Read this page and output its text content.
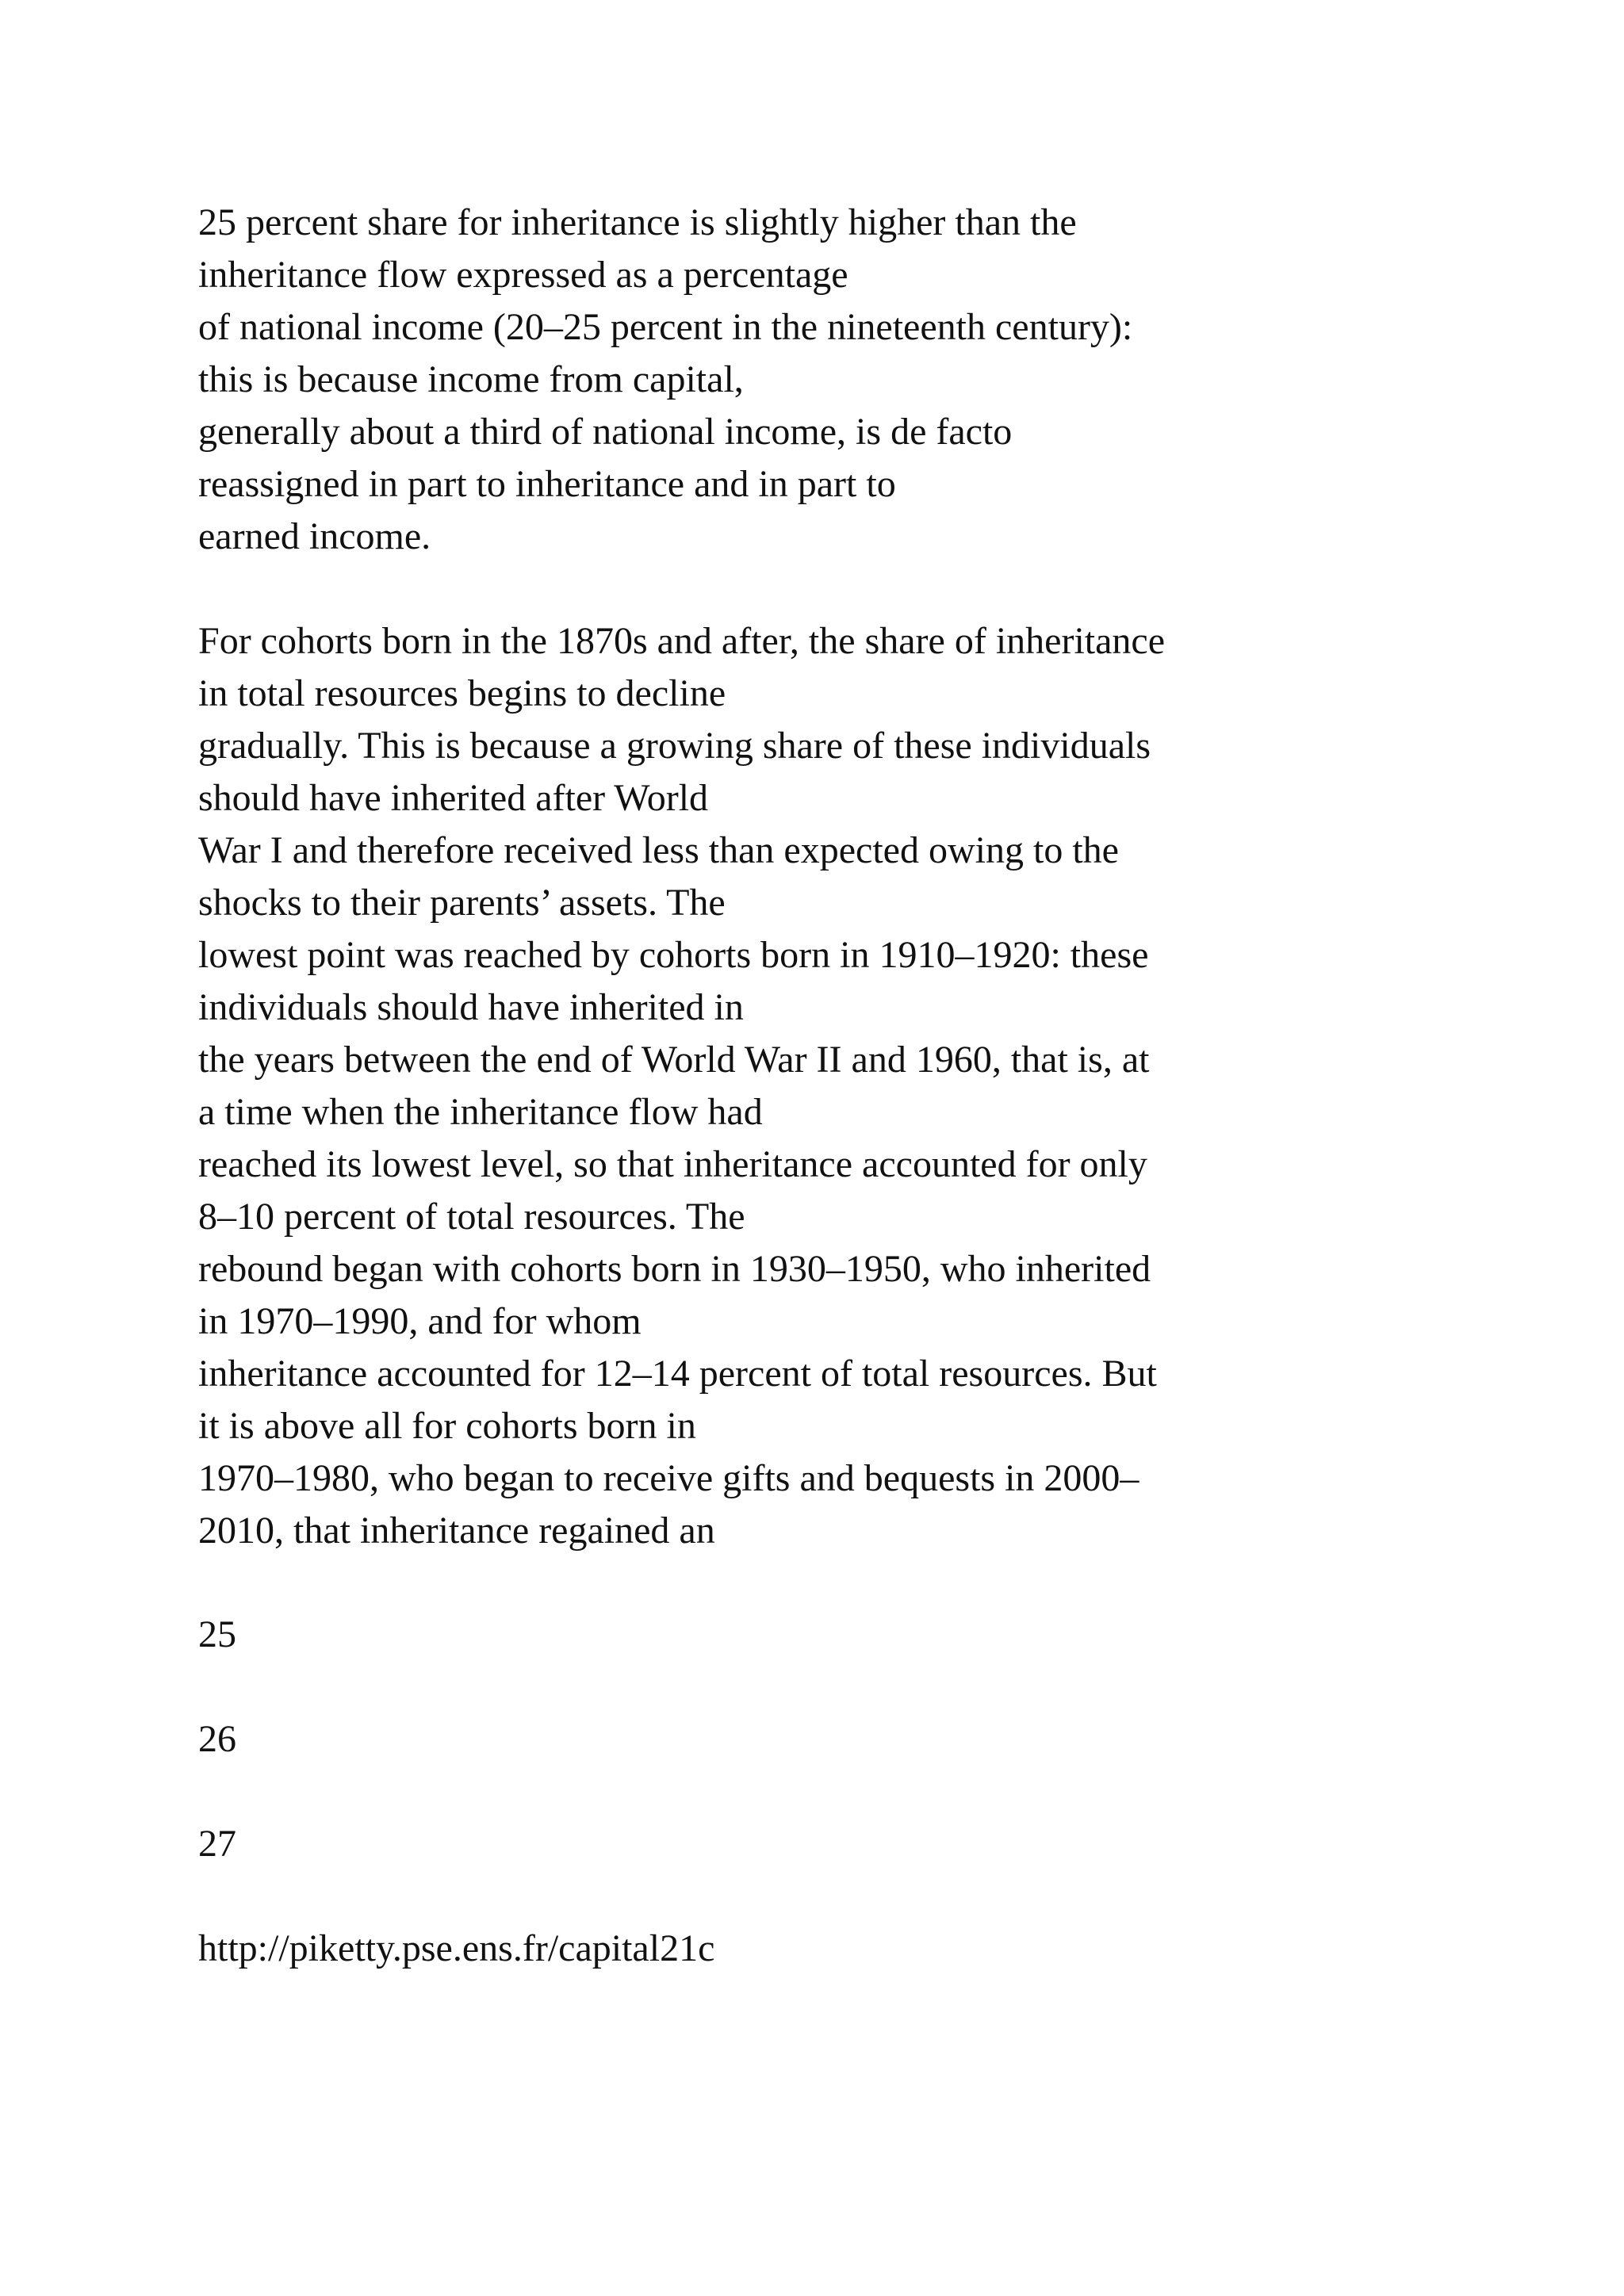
25 percent share for inheritance is slightly higher than the
inheritance flow expressed as a percentage
of national income (20–25 percent in the nineteenth century):
this is because income from capital,
generally about a third of national income, is de facto
reassigned in part to inheritance and in part to
earned income.
For cohorts born in the 1870s and after, the share of inheritance
in total resources begins to decline
gradually. This is because a growing share of these individuals
should have inherited after World
War I and therefore received less than expected owing to the
shocks to their parents’ assets. The
lowest point was reached by cohorts born in 1910–1920: these
individuals should have inherited in
the years between the end of World War II and 1960, that is, at
a time when the inheritance flow had
reached its lowest level, so that inheritance accounted for only
8–10 percent of total resources. The
rebound began with cohorts born in 1930–1950, who inherited
in 1970–1990, and for whom
inheritance accounted for 12–14 percent of total resources. But
it is above all for cohorts born in
1970–1980, who began to receive gifts and bequests in 2000–
2010, that inheritance regained an
25
26
27
http://piketty.pse.ens.fr/capital21c
